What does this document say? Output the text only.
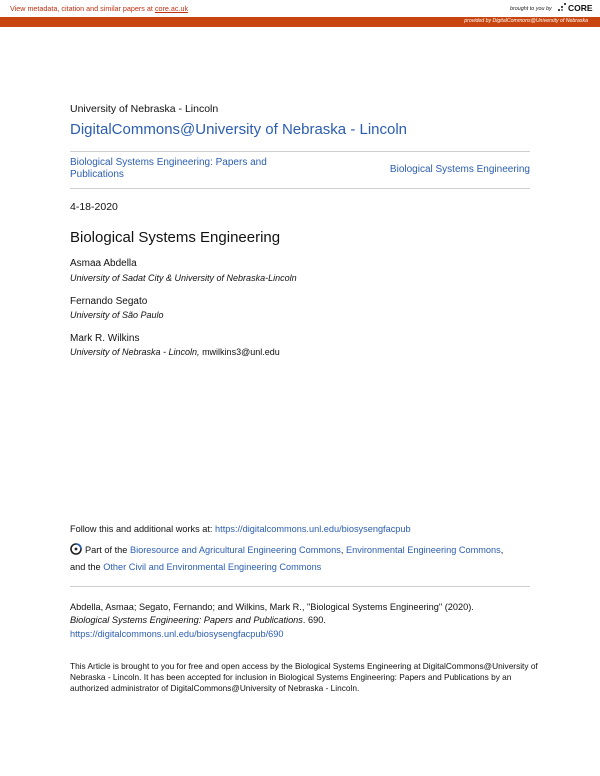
View metadata, citation and similar papers at core.ac.uk	brought to you by CORE
provided by DigitalCommons@University of Nebraska
University of Nebraska - Lincoln
DigitalCommons@University of Nebraska - Lincoln
Biological Systems Engineering: Papers and Publications	Biological Systems Engineering
4-18-2020
Biological Systems Engineering
Asmaa Abdella
University of Sadat City & University of Nebraska-Lincoln
Fernando Segato
University of São Paulo
Mark R. Wilkins
University of Nebraska - Lincoln, mwilkins3@unl.edu
Follow this and additional works at: https://digitalcommons.unl.edu/biosysengfacpub
Part of the Bioresource and Agricultural Engineering Commons, Environmental Engineering Commons,
and the Other Civil and Environmental Engineering Commons
Abdella, Asmaa; Segato, Fernando; and Wilkins, Mark R., "Biological Systems Engineering" (2020).
Biological Systems Engineering: Papers and Publications. 690.
https://digitalcommons.unl.edu/biosysengfacpub/690
This Article is brought to you for free and open access by the Biological Systems Engineering at DigitalCommons@University of Nebraska - Lincoln. It has been accepted for inclusion in Biological Systems Engineering: Papers and Publications by an authorized administrator of DigitalCommons@University of Nebraska - Lincoln.
